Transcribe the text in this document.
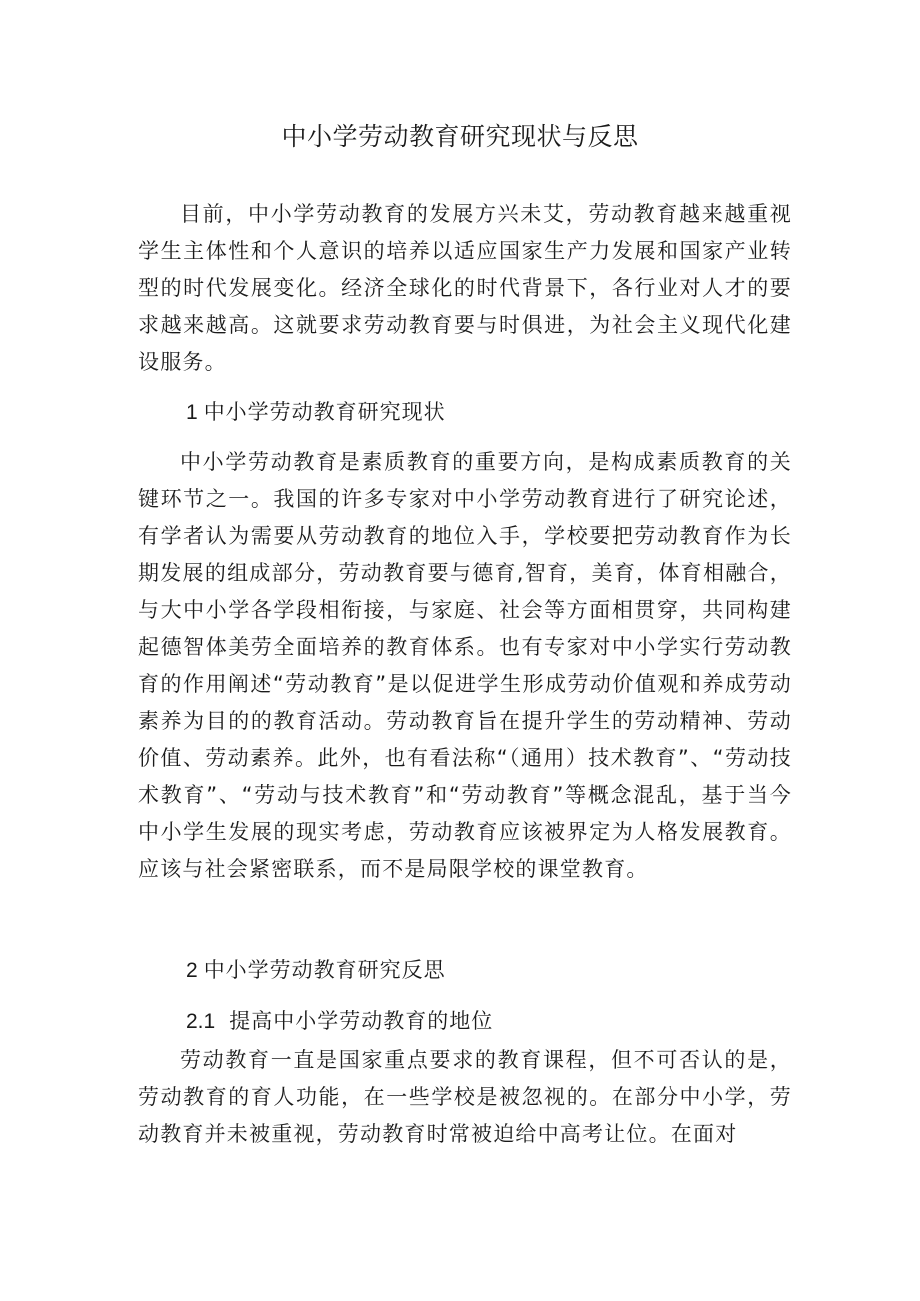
中小学劳动教育研究现状与反思

目前，中小学劳动教育的发展方兴未艾，劳动教育越来越重视学生主体性和个人意识的培养以适应国家生产力发展和国家产业转型的时代发展变化。经济全球化的时代背景下，各行业对人才的要求越来越高。这就要求劳动教育要与时俱进，为社会主义现代化建设服务。

1 中小学劳动教育研究现状

中小学劳动教育是素质教育的重要方向，是构成素质教育的关键环节之一。我国的许多专家对中小学劳动教育进行了研究论述，有学者认为需要从劳动教育的地位入手，学校要把劳动教育作为长期发展的组成部分，劳动教育要与德育,智育，美育，体育相融合，与大中小学各学段相衔接，与家庭、社会等方面相贯穿，共同构建起德智体美劳全面培养的教育体系。也有专家对中小学实行劳动教育的作用阐述“劳动教育”是以促进学生形成劳动价值观和养成劳动素养为目的的教育活动。劳动教育旨在提升学生的劳动精神、劳动价值、劳动素养。此外，也有看法称“（通用）技术教育”、“劳动技术教育”、“劳动与技术教育”和“劳动教育”等概念混乱，基于当今中小学生发展的现实考虑，劳动教育应该被界定为人格发展教育。应该与社会紧密联系，而不是局限学校的课堂教育。

2 中小学劳动教育研究反思
2.1 提高中小学劳动教育的地位

劳动教育一直是国家重点要求的教育课程，但不可否认的是，劳动教育的育人功能，在一些学校是被忽视的。在部分中小学，劳动教育并未被重视，劳动教育时常被迫给中高考让位。在面对
